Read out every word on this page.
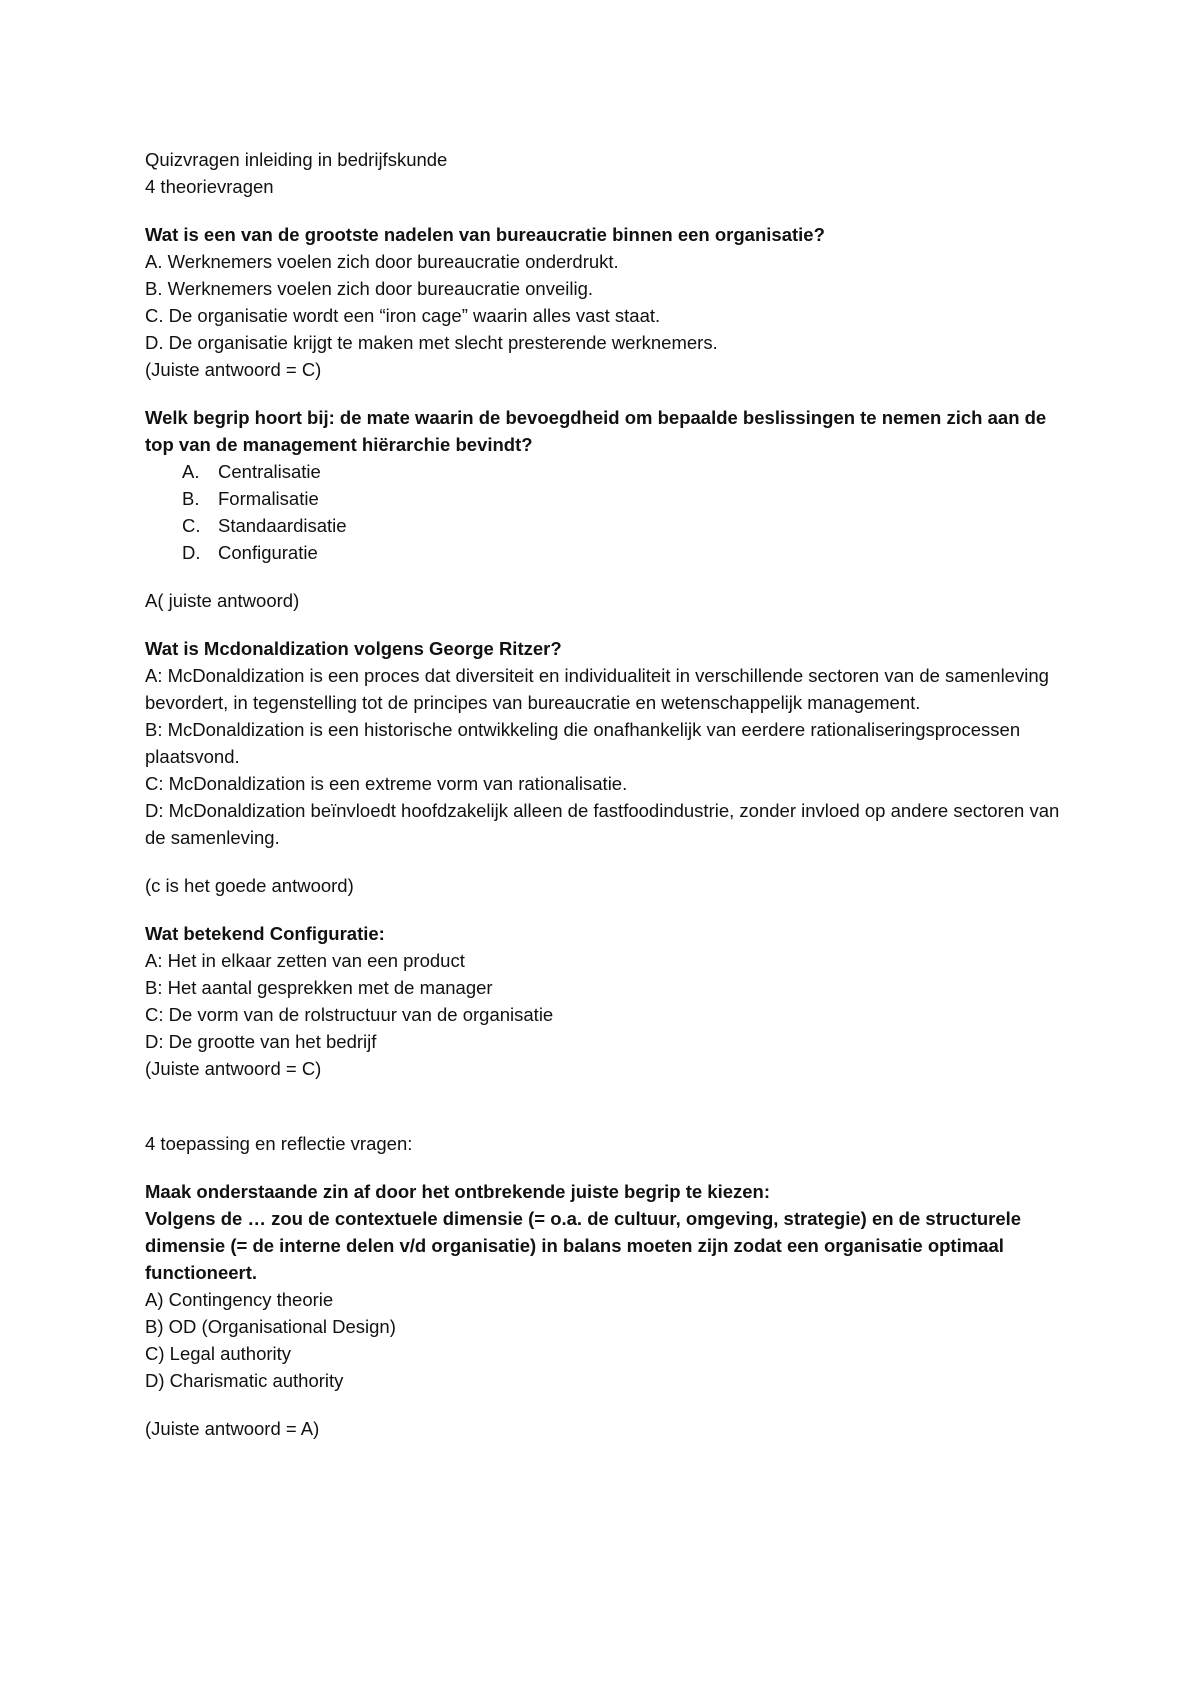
Quizvragen inleiding in bedrijfskunde

4 theorievragen

Wat is een van de grootste nadelen van bureaucratie binnen een organisatie?

A. Werknemers voelen zich door bureaucratie onderdrukt.

B. Werknemers voelen zich door bureaucratie onveilig.

C. De organisatie wordt een “iron cage” waarin alles vast staat.

D. De organisatie krijgt te maken met slecht presterende werknemers.

(Juiste antwoord = C)

Welk begrip hoort bij: de mate waarin de bevoegdheid om bepaalde beslissingen te nemen zich aan de top van de management hiërarchie bevindt?

A. Centralisatie
B. Formalisatie
C. Standaardisatie
D. Configuratie

A( juiste antwoord)

Wat is Mcdonaldization volgens George Ritzer?

A: McDonaldization is een proces dat diversiteit en individualiteit in verschillende sectoren van de samenleving bevordert, in tegenstelling tot de principes van bureaucratie en wetenschappelijk management.

B: McDonaldization is een historische ontwikkeling die onafhankelijk van eerdere rationaliseringsprocessen plaatsvond.

C: McDonaldization is een extreme vorm van rationalisatie.

D: McDonaldization beïnvloedt hoofdzakelijk alleen de fastfoodindustrie, zonder invloed op andere sectoren van de samenleving.

(c is het goede antwoord)

Wat betekend Configuratie:

A: Het in elkaar zetten van een product

B: Het aantal gesprekken met de manager

C: De vorm van de rolstructuur van de organisatie

D: De grootte van het bedrijf

(Juiste antwoord = C)

4 toepassing en reflectie vragen:

Maak onderstaande zin af door het ontbrekende juiste begrip te kiezen:

Volgens de … zou de contextuele dimensie (= o.a. de cultuur, omgeving, strategie) en de structurele dimensie (= de interne delen v/d organisatie) in balans moeten zijn zodat een organisatie optimaal functioneert.

A) Contingency theorie

B) OD (Organisational Design)

C) Legal authority

D) Charismatic authority

(Juiste antwoord = A)
